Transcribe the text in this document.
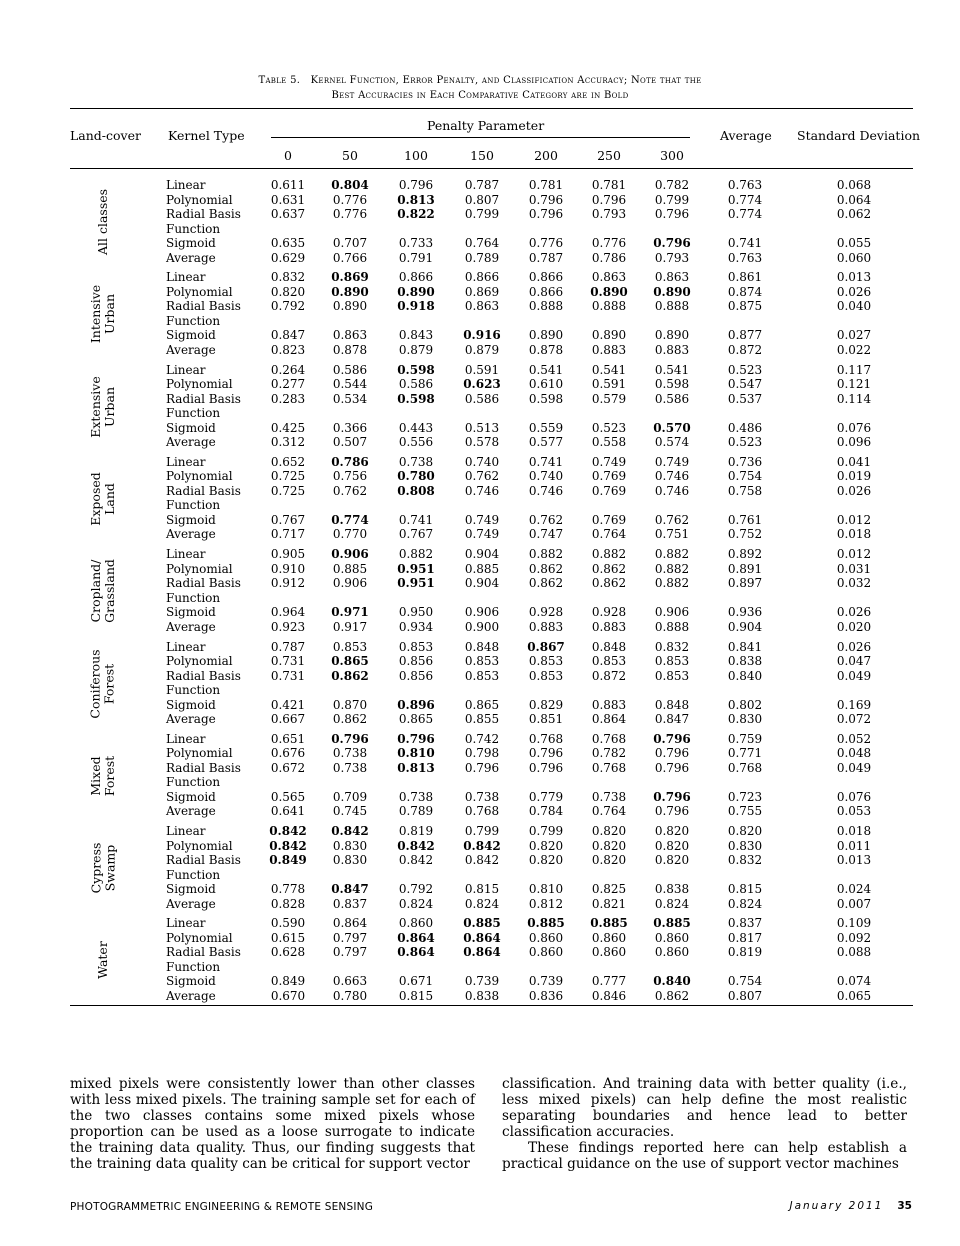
Table 5. Kernel Function, Error Penalty, and Classification Accuracy; Note that the
Best Accuracies in Each Comparative Category are in Bold
Land-cover Kernel Type
Penalty Parameter
Average Standard Deviation
0	50	100	150	200	250	300
All classes
Linear	0.611	0.804	0.796	0.787	0.781	0.781	0.782	0.763	0.068
Polynomial	0.631	0.776	0.813	0.807	0.796	0.796	0.799	0.774	0.064
Radial Basis	0.637	0.776	0.822	0.799	0.796	0.793	0.796	0.774	0.062
Function
Sigmoid	0.635	0.707	0.733	0.764	0.776	0.776	0.796	0.741	0.055
Average	0.629	0.766	0.791	0.789	0.787	0.786	0.793	0.763	0.060
Intensive Urban
Linear	0.832	0.869	0.866	0.866	0.866	0.863	0.863	0.861	0.013
Polynomial	0.820	0.890	0.890	0.869	0.866	0.890	0.890	0.874	0.026
Radial Basis	0.792	0.890	0.918	0.863	0.888	0.888	0.888	0.875	0.040
Function
Sigmoid	0.847	0.863	0.843	0.916	0.890	0.890	0.890	0.877	0.027
Average	0.823	0.878	0.879	0.879	0.878	0.883	0.883	0.872	0.022
Extensive Urban
Linear	0.264	0.586	0.598	0.591	0.541	0.541	0.541	0.523	0.117
Polynomial	0.277	0.544	0.586	0.623	0.610	0.591	0.598	0.547	0.121
Radial Basis	0.283	0.534	0.598	0.586	0.598	0.579	0.586	0.537	0.114
Function
Sigmoid	0.425	0.366	0.443	0.513	0.559	0.523	0.570	0.486	0.076
Average	0.312	0.507	0.556	0.578	0.577	0.558	0.574	0.523	0.096
Exposed Land
Linear	0.652	0.786	0.738	0.740	0.741	0.749	0.749	0.736	0.041
Polynomial	0.725	0.756	0.780	0.762	0.740	0.769	0.746	0.754	0.019
Radial Basis	0.725	0.762	0.808	0.746	0.746	0.769	0.746	0.758	0.026
Function
Sigmoid	0.767	0.774	0.741	0.749	0.762	0.769	0.762	0.761	0.012
Average	0.717	0.770	0.767	0.749	0.747	0.764	0.751	0.752	0.018
Cropland/ Grassland
Linear	0.905	0.906	0.882	0.904	0.882	0.882	0.882	0.892	0.012
Polynomial	0.910	0.885	0.951	0.885	0.862	0.862	0.882	0.891	0.031
Radial Basis	0.912	0.906	0.951	0.904	0.862	0.862	0.882	0.897	0.032
Function
Sigmoid	0.964	0.971	0.950	0.906	0.928	0.928	0.906	0.936	0.026
Average	0.923	0.917	0.934	0.900	0.883	0.883	0.888	0.904	0.020
Coniferous Forest
Linear	0.787	0.853	0.853	0.848	0.867	0.848	0.832	0.841	0.026
Polynomial	0.731	0.865	0.856	0.853	0.853	0.853	0.853	0.838	0.047
Radial Basis	0.731	0.862	0.856	0.853	0.853	0.872	0.853	0.840	0.049
Function
Sigmoid	0.421	0.870	0.896	0.865	0.829	0.883	0.848	0.802	0.169
Average	0.667	0.862	0.865	0.855	0.851	0.864	0.847	0.830	0.072
Mixed Forest
Linear	0.651	0.796	0.796	0.742	0.768	0.768	0.796	0.759	0.052
Polynomial	0.676	0.738	0.810	0.798	0.796	0.782	0.796	0.771	0.048
Radial Basis	0.672	0.738	0.813	0.796	0.796	0.768	0.796	0.768	0.049
Function
Sigmoid	0.565	0.709	0.738	0.738	0.779	0.738	0.796	0.723	0.076
Average	0.641	0.745	0.789	0.768	0.784	0.764	0.796	0.755	0.053
Cypress Swamp
Linear	0.842	0.842	0.819	0.799	0.799	0.820	0.820	0.820	0.018
Polynomial	0.842	0.830	0.842	0.842	0.820	0.820	0.820	0.830	0.011
Radial Basis	0.849	0.830	0.842	0.842	0.820	0.820	0.820	0.832	0.013
Function
Sigmoid	0.778	0.847	0.792	0.815	0.810	0.825	0.838	0.815	0.024
Average	0.828	0.837	0.824	0.824	0.812	0.821	0.824	0.824	0.007
Water
Linear	0.590	0.864	0.860	0.885	0.885	0.885	0.885	0.837	0.109
Polynomial	0.615	0.797	0.864	0.864	0.860	0.860	0.860	0.817	0.092
Radial Basis	0.628	0.797	0.864	0.864	0.860	0.860	0.860	0.819	0.088
Function
Sigmoid	0.849	0.663	0.671	0.739	0.739	0.777	0.840	0.754	0.074
Average	0.670	0.780	0.815	0.838	0.836	0.846	0.862	0.807	0.065

mixed pixels were consistently lower than other classes with less mixed pixels. The training sample set for each of the two classes contains some mixed pixels whose proportion can be used as a loose surrogate to indicate the training data quality. Thus, our finding suggests that the training data quality can be critical for support vector

classification. And training data with better quality (i.e., less mixed pixels) can help define the most realistic separating boundaries and hence lead to better classification accuracies.

These findings reported here can help establish a practical guidance on the use of support vector machines

PHOTOGRAMMETRIC ENGINEERING & REMOTE SENSING	January 2011 35
